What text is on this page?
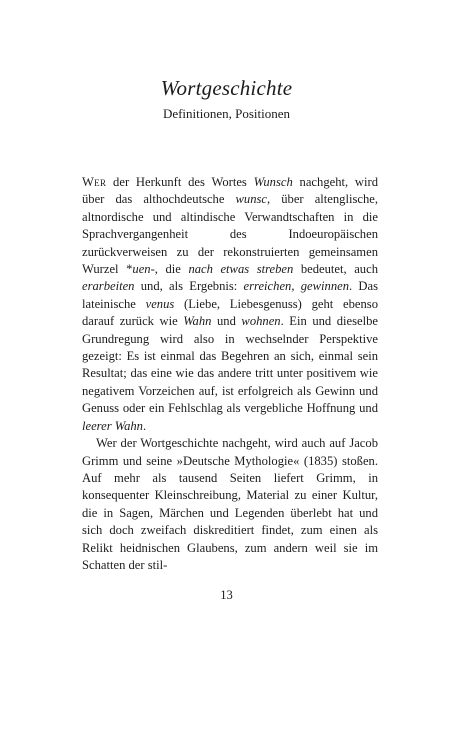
Wortgeschichte
Definitionen, Positionen

Wer der Herkunft des Wortes Wunsch nachgeht, wird über das althochdeutsche wunsc, über altenglische, altnordische und altindische Verwandtschaften in die Sprachvergangenheit des Indoeuropäischen zurückverweisen zu der rekonstruierten gemeinsamen Wurzel *uen-, die nach etwas streben bedeutet, auch erarbeiten und, als Ergebnis: erreichen, gewinnen. Das lateinische venus (Liebe, Liebesgenuss) geht ebenso darauf zurück wie Wahn und wohnen. Ein und dieselbe Grundregung wird also in wechselnder Perspektive gezeigt: Es ist einmal das Begehren an sich, einmal sein Resultat; das eine wie das andere tritt unter positivem wie negativem Vorzeichen auf, ist erfolgreich als Gewinn und Genuss oder ein Fehlschlag als vergebliche Hoffnung und leerer Wahn.

Wer der Wortgeschichte nachgeht, wird auch auf Jacob Grimm und seine »Deutsche Mythologie« (1835) stoßen. Auf mehr als tausend Seiten liefert Grimm, in konsequenter Kleinschreibung, Material zu einer Kultur, die in Sagen, Märchen und Legenden überlebt hat und sich doch zweifach diskreditiert findet, zum einen als Relikt heidnischen Glaubens, zum andern weil sie im Schatten der stil-

13
